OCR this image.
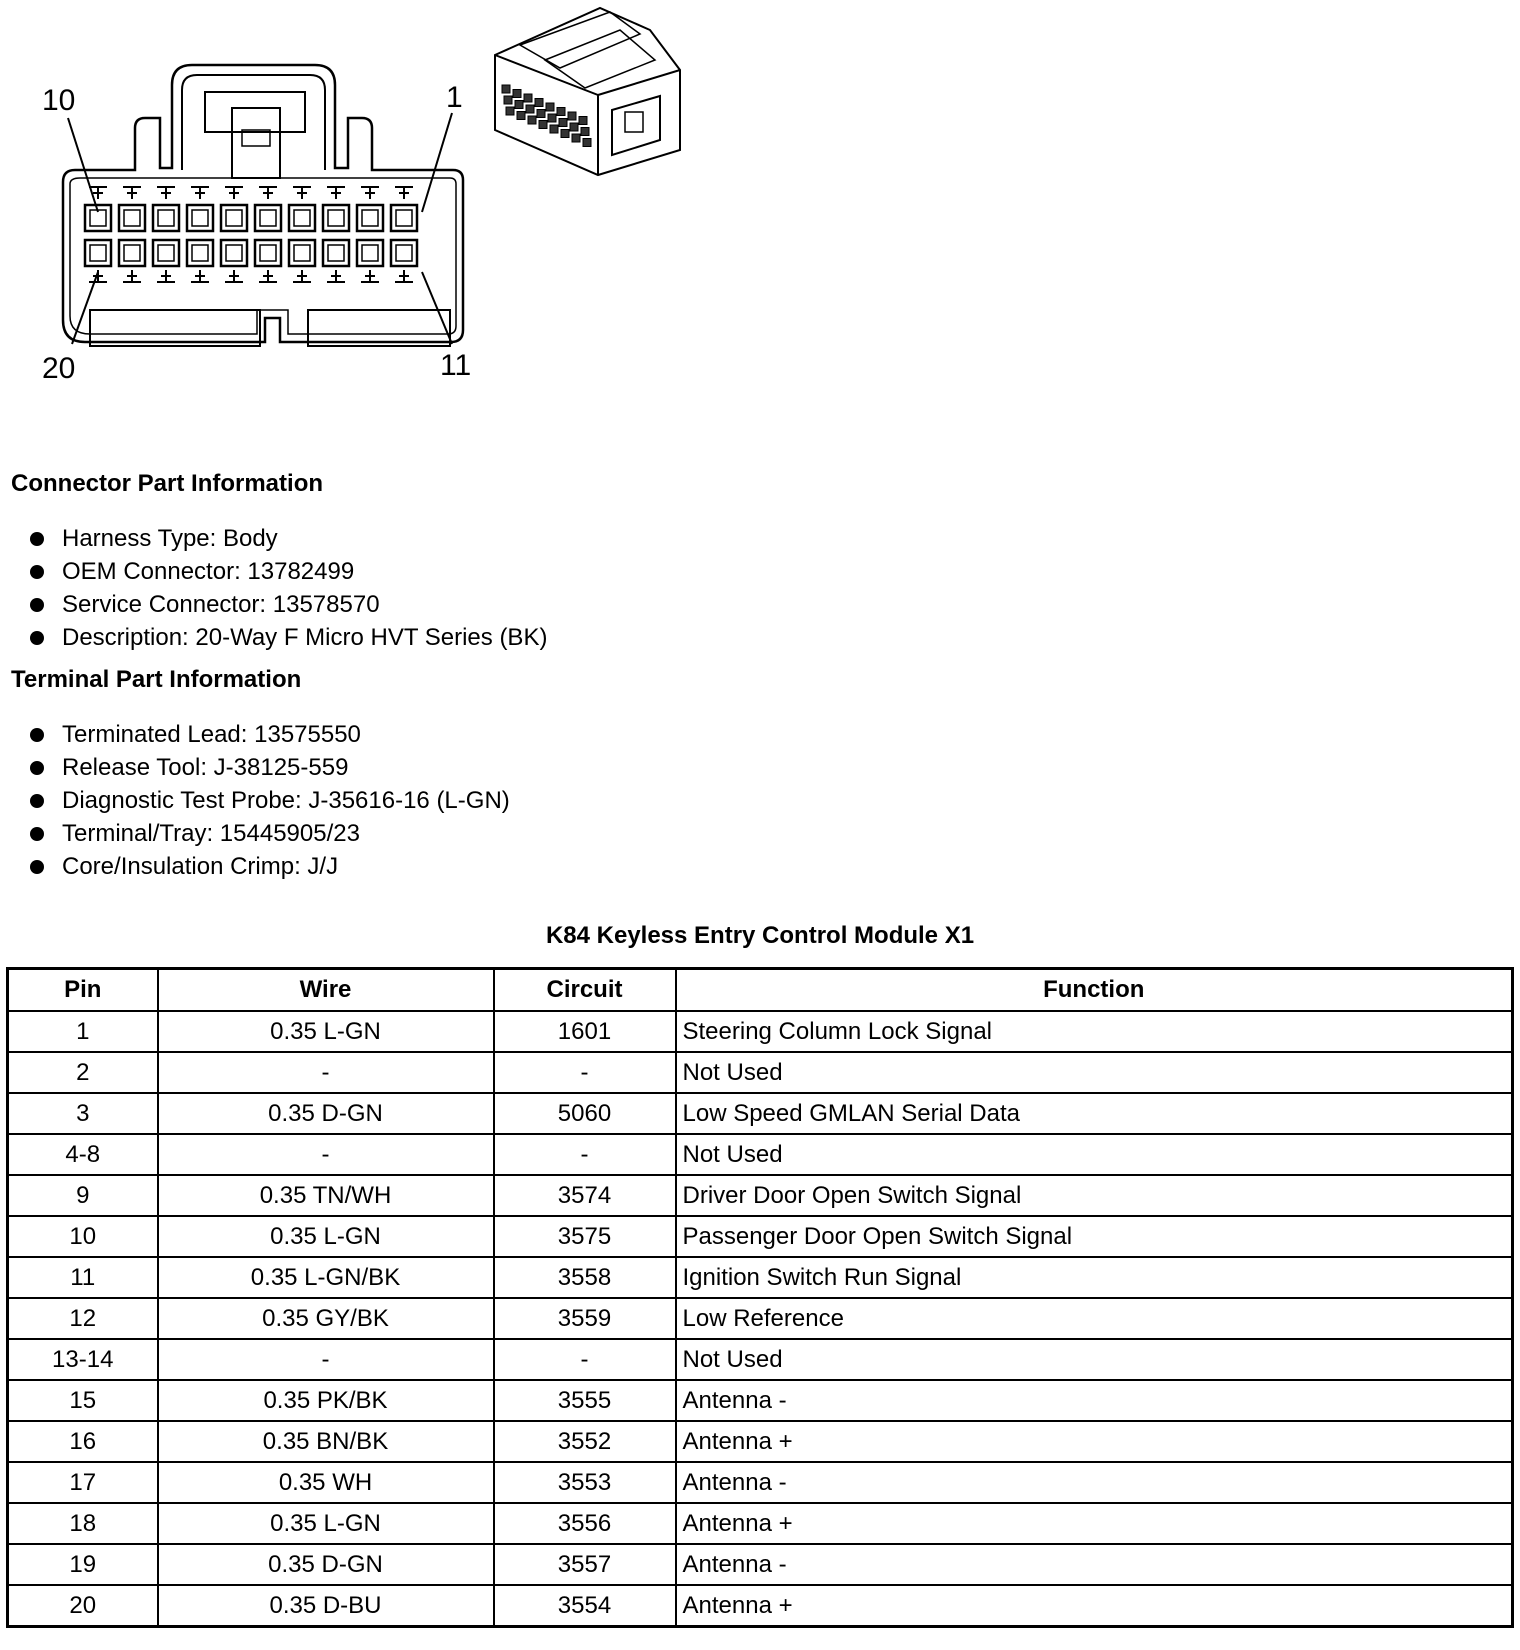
10	1
20	11
Connector Part Information
Harness Type: Body
OEM Connector: 13782499
Service Connector: 13578570
Description: 20-Way F Micro HVT Series (BK)
Terminal Part Information
Terminated Lead: 13575550
Release Tool: J-38125-559
Diagnostic Test Probe: J-35616-16 (L-GN)
Terminal/Tray: 15445905/23
Core/Insulation Crimp: J/J
K84 Keyless Entry Control Module X1
Pin	Wire	Circuit	Function
1	0.35 L-GN	1601	Steering Column Lock Signal
2	-	-	Not Used
3	0.35 D-GN	5060	Low Speed GMLAN Serial Data
4-8	-	-	Not Used
9	0.35 TN/WH	3574	Driver Door Open Switch Signal
10	0.35 L-GN	3575	Passenger Door Open Switch Signal
11	0.35 L-GN/BK	3558	Ignition Switch Run Signal
12	0.35 GY/BK	3559	Low Reference
13-14	-	-	Not Used
15	0.35 PK/BK	3555	Antenna -
16	0.35 BN/BK	3552	Antenna +
17	0.35 WH	3553	Antenna -
18	0.35 L-GN	3556	Antenna +
19	0.35 D-GN	3557	Antenna -
20	0.35 D-BU	3554	Antenna +
